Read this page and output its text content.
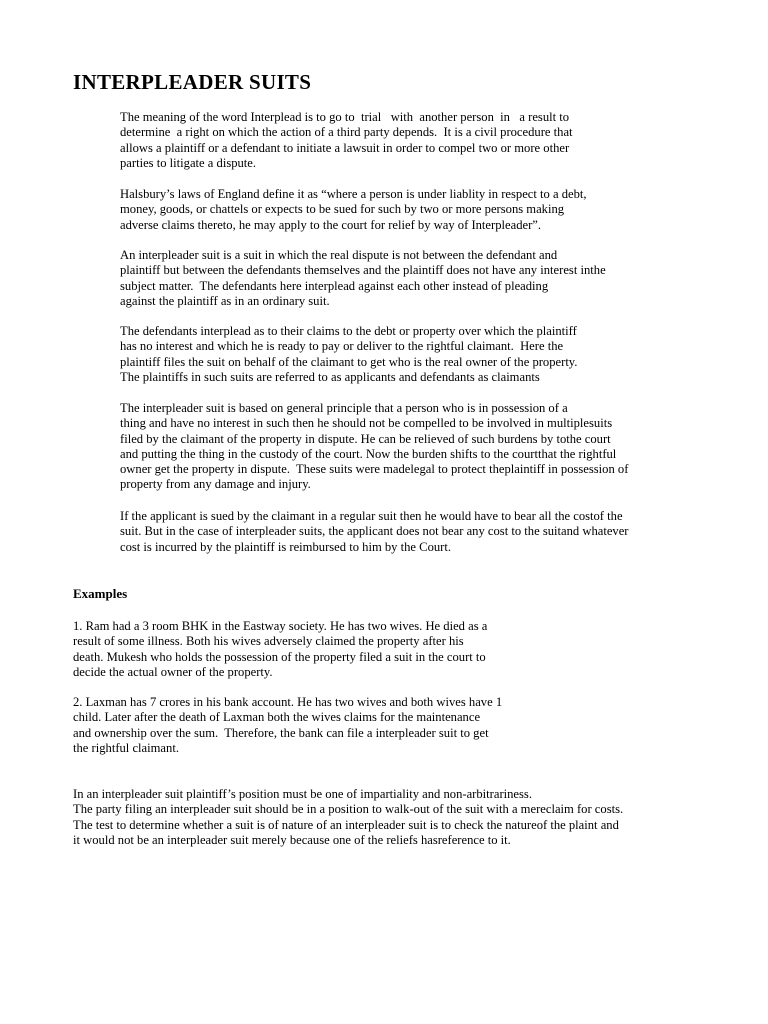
INTERPLEADER SUITS

The meaning of the word Interplead is to go to  trial   with  another person  in   a result to
determine  a right on which the action of a third party depends.  It is a civil procedure that
allows a plaintiff or a defendant to initiate a lawsuit in order to compel two or more other
parties to litigate a dispute.

Halsbury’s laws of England define it as “where a person is under liablity in respect to a debt,
money, goods, or chattels or expects to be sued for such by two or more persons making
adverse claims thereto, he may apply to the court for relief by way of Interpleader”.

An interpleader suit is a suit in which the real dispute is not between the defendant and
plaintiff but between the defendants themselves and the plaintiff does not have any interest inthe
subject matter.  The defendants here interplead against each other instead of pleading
against the plaintiff as in an ordinary suit.

The defendants interplead as to their claims to the debt or property over which the plaintiff
has no interest and which he is ready to pay or deliver to the rightful claimant.  Here the
plaintiff files the suit on behalf of the claimant to get who is the real owner of the property.
The plaintiffs in such suits are referred to as applicants and defendants as claimants

The interpleader suit is based on general principle that a person who is in possession of a
thing and have no interest in such then he should not be compelled to be involved in multiplesuits
filed by the claimant of the property in dispute. He can be relieved of such burdens by tothe court
and putting the thing in the custody of the court. Now the burden shifts to the courtthat the rightful
owner get the property in dispute.  These suits were madelegal to protect theplaintiff in possession of
property from any damage and injury.

If the applicant is sued by the claimant in a regular suit then he would have to bear all the costof the
suit. But in the case of interpleader suits, the applicant does not bear any cost to the suitand whatever
cost is incurred by the plaintiff is reimbursed to him by the Court.

Examples

1. Ram had a 3 room BHK in the Eastway society. He has two wives. He died as a
result of some illness. Both his wives adversely claimed the property after his
death. Mukesh who holds the possession of the property filed a suit in the court to
decide the actual owner of the property.

2. Laxman has 7 crores in his bank account. He has two wives and both wives have 1
child. Later after the death of Laxman both the wives claims for the maintenance
and ownership over the sum.  Therefore, the bank can file a interpleader suit to get
the rightful claimant.

In an interpleader suit plaintiff’s position must be one of impartiality and non-arbitrariness.
The party filing an interpleader suit should be in a position to walk-out of the suit with a mereclaim for costs.
The test to determine whether a suit is of nature of an interpleader suit is to check the natureof the plaint and
it would not be an interpleader suit merely because one of the reliefs hasreference to it.
